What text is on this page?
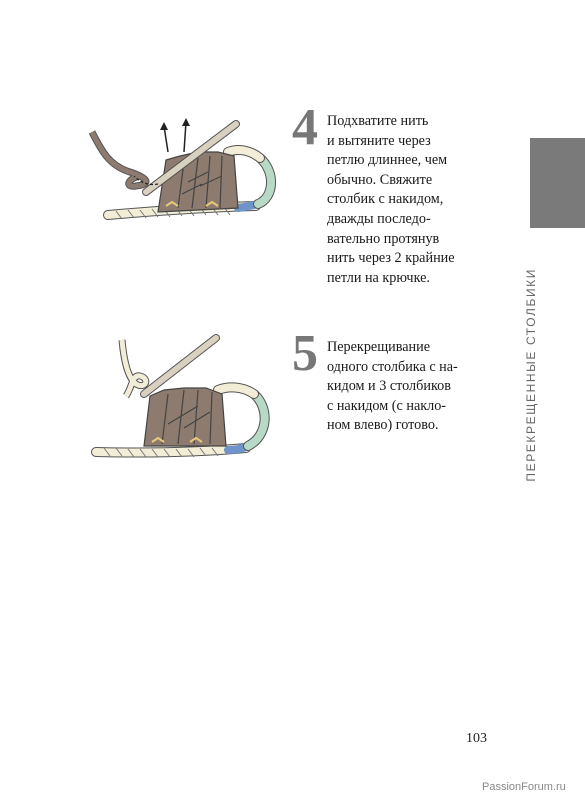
4 Подхватите нить
и вытяните через
петлю длиннее, чем
обычно. Свяжите
столбик с накидом,
дважды последо-
вательно протянув
нить через 2 крайние
петли на крючке.
5 Перекрещивание
одного столбика с на-
кидом и 3 столбиков
с накидом (с накло-
ном влево) готово.	ПЕРЕКРЕЩЕННЫЕ СТОЛБИКИ
103
PassionForum.ru
